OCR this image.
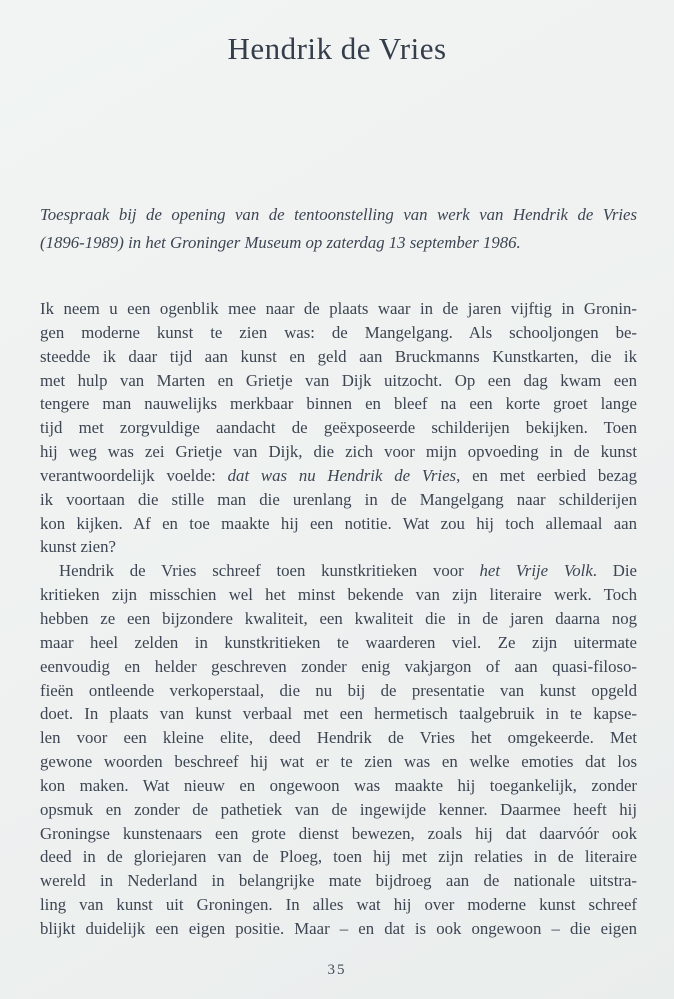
Hendrik de Vries
Toespraak bij de opening van de tentoonstelling van werk van Hendrik de Vries
(1896-1989) in het Groninger Museum op zaterdag 13 september 1986.
Ik neem u een ogenblik mee naar de plaats waar in de jaren vijftig in Gronin-
gen moderne kunst te zien was: de Mangelgang. Als schooljongen be-
steedde ik daar tijd aan kunst en geld aan Bruckmanns Kunstkarten, die ik
met hulp van Marten en Grietje van Dijk uitzocht. Op een dag kwam een
tengere man nauwelijks merkbaar binnen en bleef na een korte groet lange
tijd met zorgvuldige aandacht de geëxposeerde schilderijen bekijken. Toen
hij weg was zei Grietje van Dijk, die zich voor mijn opvoeding in de kunst
verantwoordelijk voelde: dat was nu Hendrik de Vries, en met eerbied bezag
ik voortaan die stille man die urenlang in de Mangelgang naar schilderijen
kon kijken. Af en toe maakte hij een notitie. Wat zou hij toch allemaal aan
kunst zien?
Hendrik de Vries schreef toen kunstkritieken voor het Vrije Volk. Die
kritieken zijn misschien wel het minst bekende van zijn literaire werk. Toch
hebben ze een bijzondere kwaliteit, een kwaliteit die in de jaren daarna nog
maar heel zelden in kunstkritieken te waarderen viel. Ze zijn uitermate
eenvoudig en helder geschreven zonder enig vakjargon of aan quasi-filoso-
fieën ontleende verkoperstaal, die nu bij de presentatie van kunst opgeld
doet. In plaats van kunst verbaal met een hermetisch taalgebruik in te kapse-
len voor een kleine elite, deed Hendrik de Vries het omgekeerde. Met
gewone woorden beschreef hij wat er te zien was en welke emoties dat los
kon maken. Wat nieuw en ongewoon was maakte hij toegankelijk, zonder
opsmuk en zonder de pathetiek van de ingewijde kenner. Daarmee heeft hij
Groningse kunstenaars een grote dienst bewezen, zoals hij dat daarvóór ook
deed in de gloriejaren van de Ploeg, toen hij met zijn relaties in de literaire
wereld in Nederland in belangrijke mate bijdroeg aan de nationale uitstra-
ling van kunst uit Groningen. In alles wat hij over moderne kunst schreef
blijkt duidelijk een eigen positie. Maar – en dat is ook ongewoon – die eigen
35
